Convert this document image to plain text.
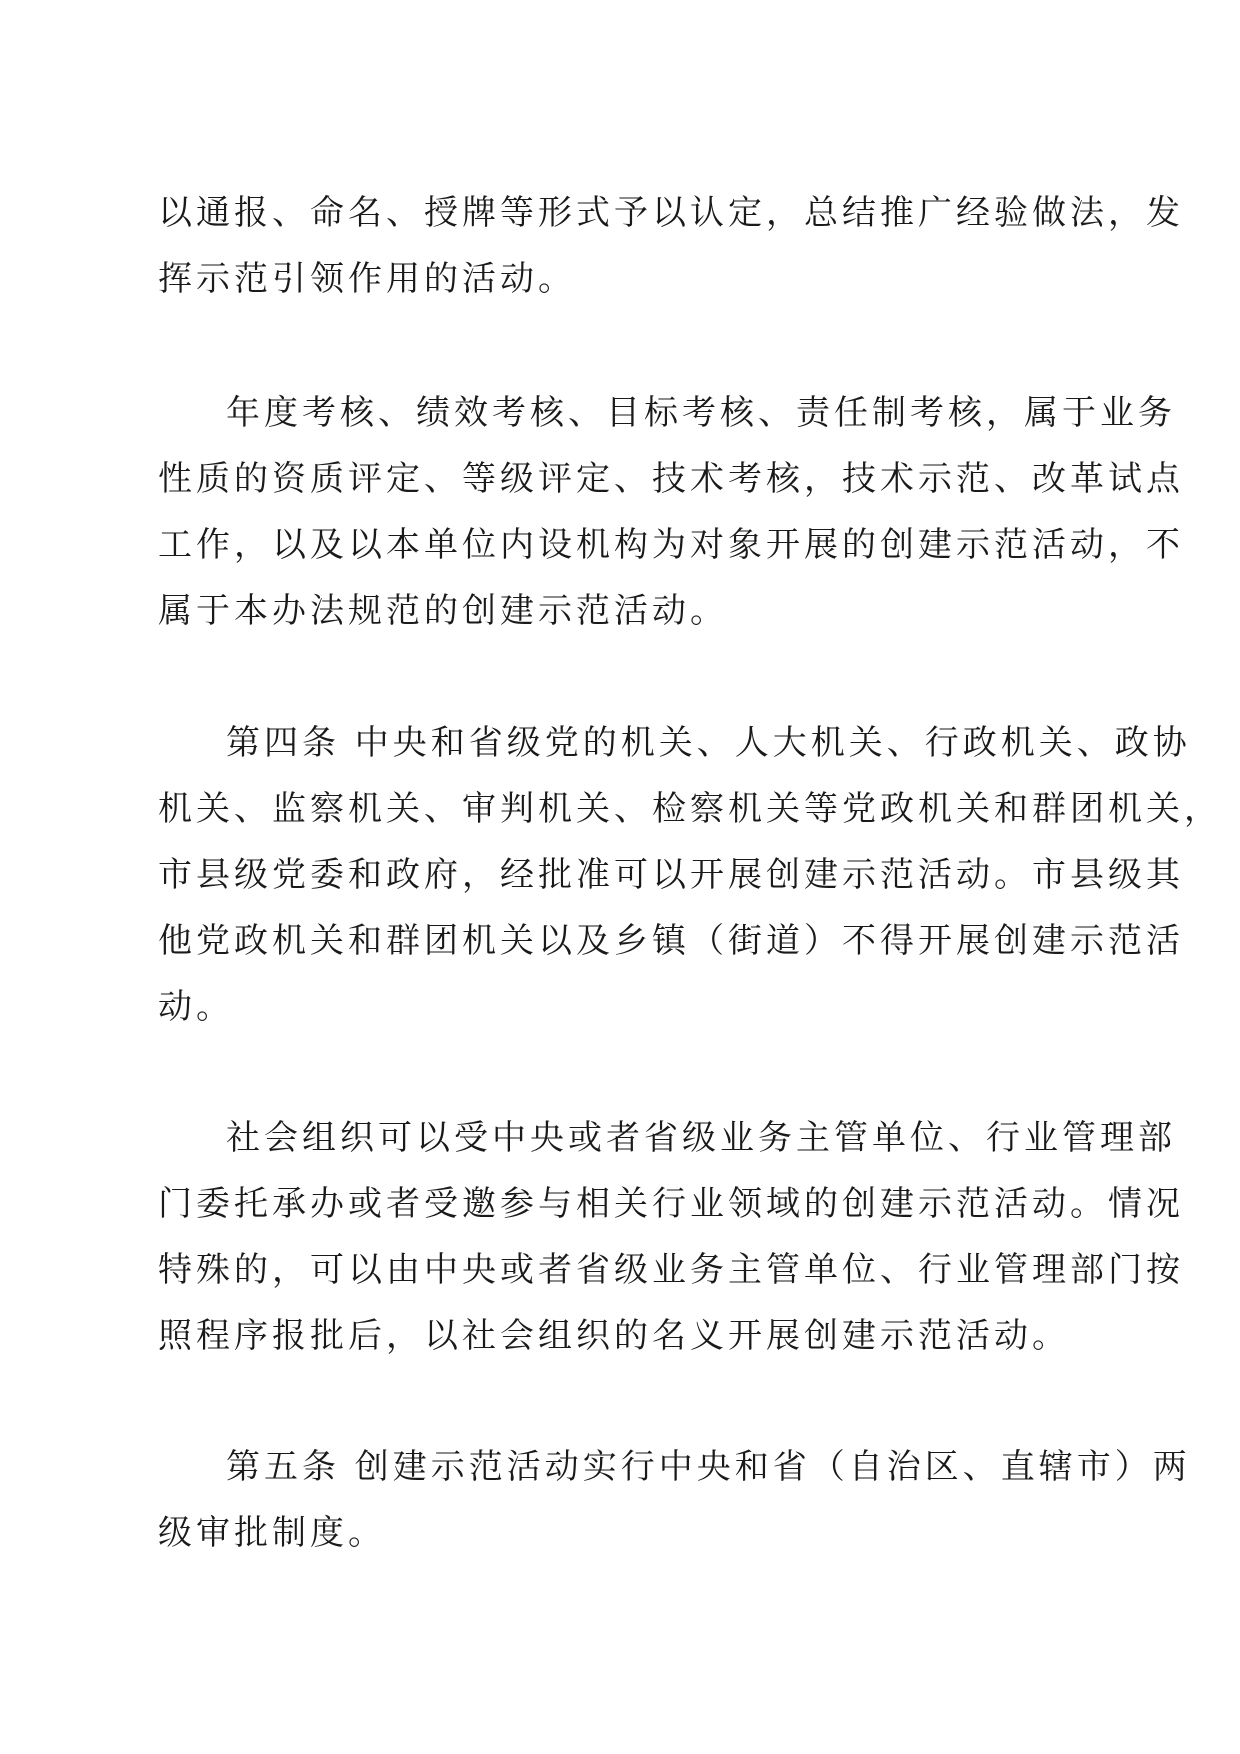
以通报、命名、授牌等形式予以认定，总结推广经验做法，发
挥示范引领作用的活动。

年度考核、绩效考核、目标考核、责任制考核，属于业务
性质的资质评定、等级评定、技术考核，技术示范、改革试点
工作，以及以本单位内设机构为对象开展的创建示范活动，不
属于本办法规范的创建示范活动。

第四条 中央和省级党的机关、人大机关、行政机关、政协
机关、监察机关、审判机关、检察机关等党政机关和群团机关，
市县级党委和政府，经批准可以开展创建示范活动。市县级其
他党政机关和群团机关以及乡镇（街道）不得开展创建示范活
动。

社会组织可以受中央或者省级业务主管单位、行业管理部
门委托承办或者受邀参与相关行业领域的创建示范活动。情况
特殊的，可以由中央或者省级业务主管单位、行业管理部门按
照程序报批后，以社会组织的名义开展创建示范活动。

第五条 创建示范活动实行中央和省（自治区、直辖市）两
级审批制度。
